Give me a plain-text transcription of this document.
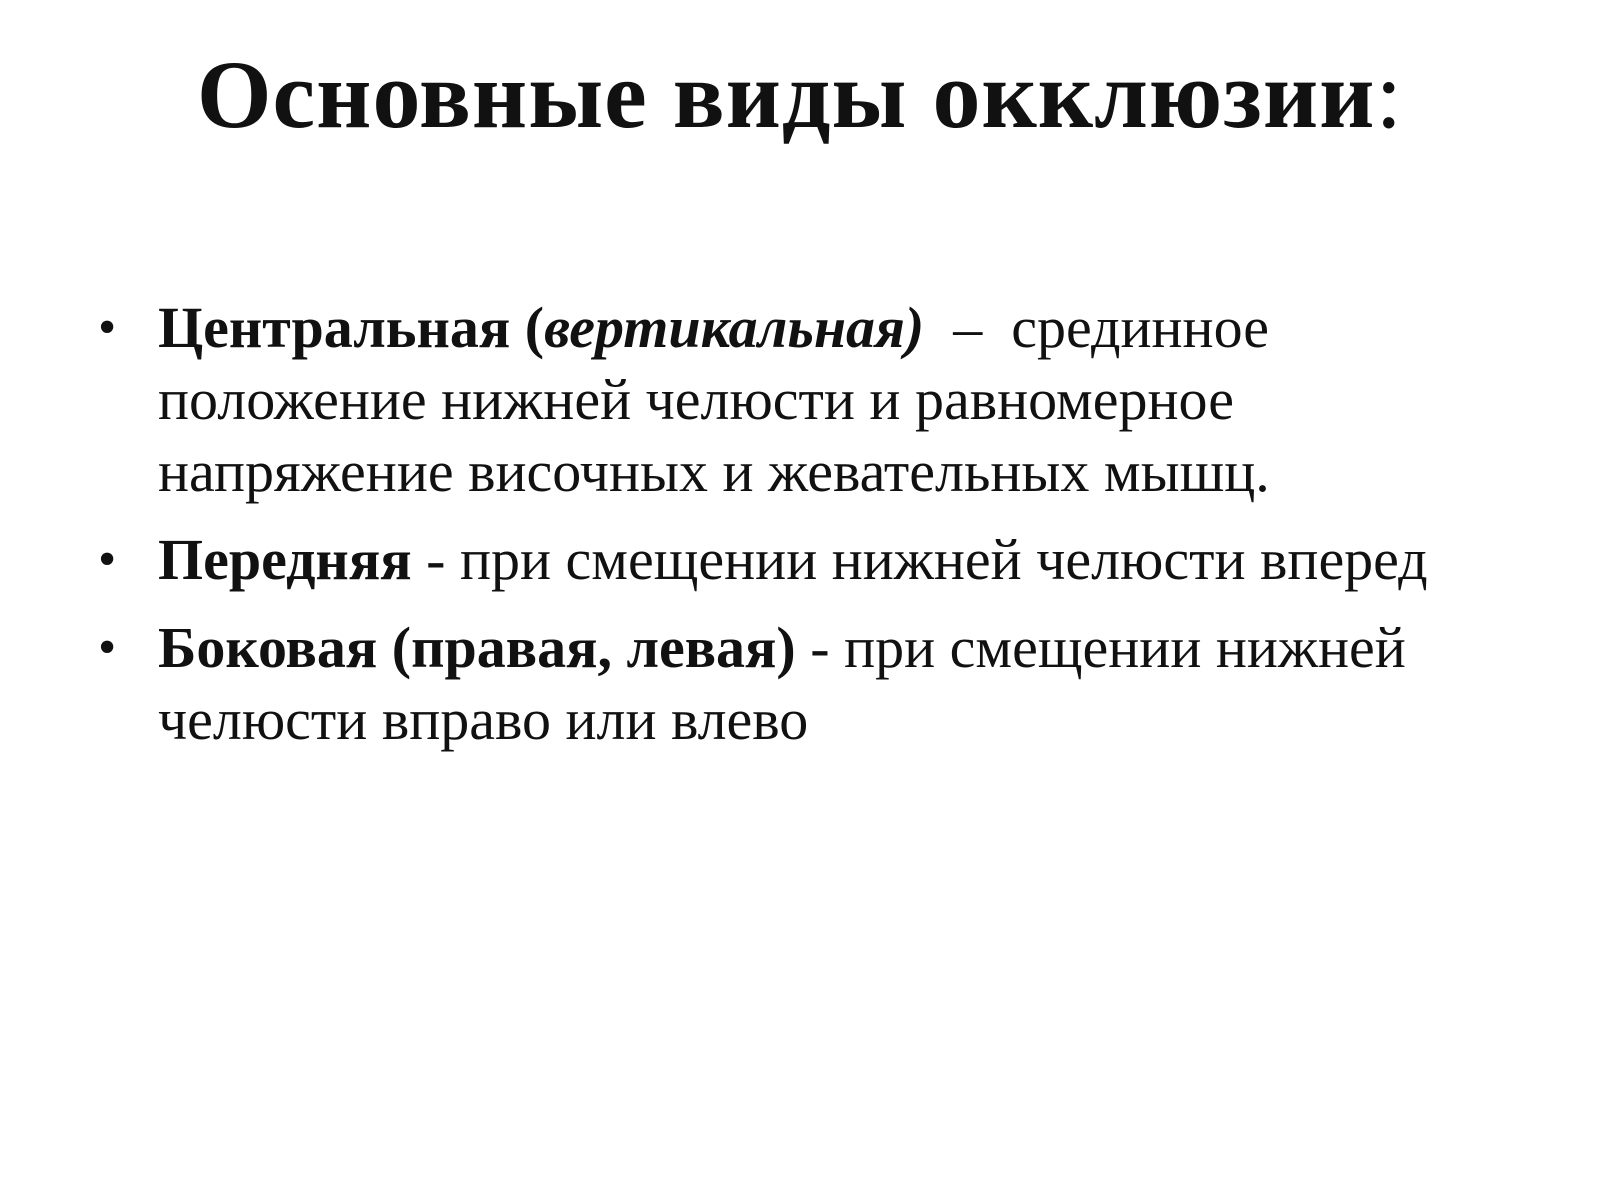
Основные виды окклюзии:
• Центральная (вертикальная)  –  срединное положение нижней челюсти и равномерное напряжение височных и жевательных мышц.
• Передняя - при смещении нижней челюсти вперед
• Боковая (правая, левая) - при смещении нижней челюсти вправо или влево
